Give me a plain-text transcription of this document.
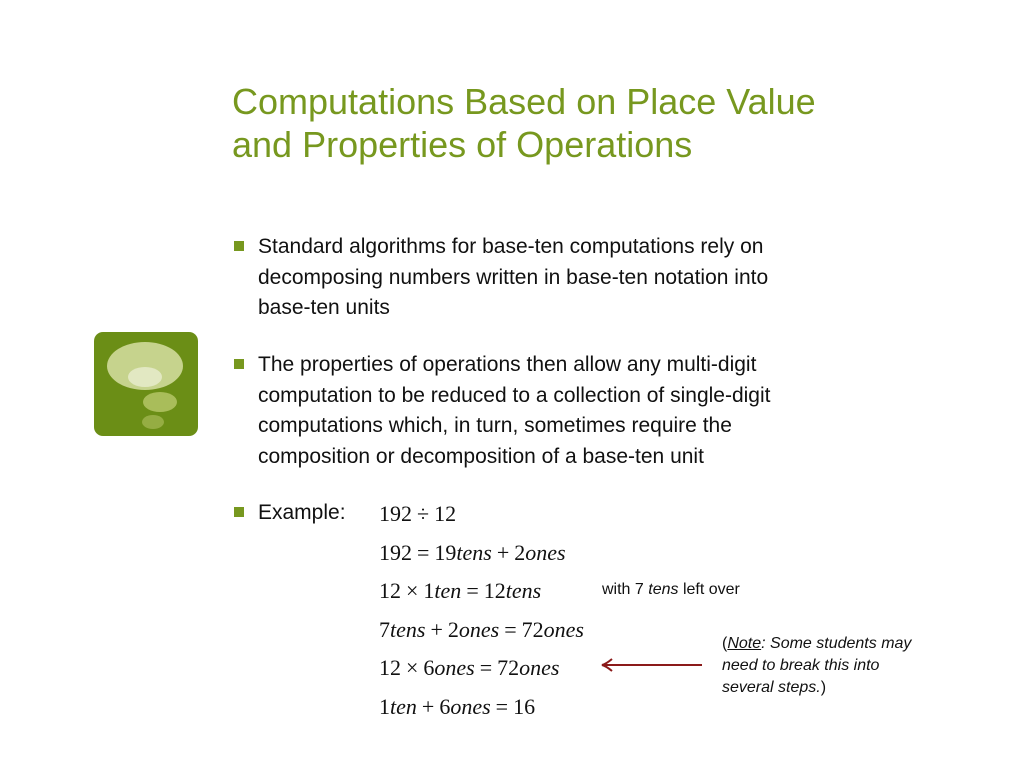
Computations Based on Place Value
and Properties of Operations
Standard algorithms for base-ten computations rely on
decomposing numbers written in base-ten notation into
base-ten units
The properties of operations then allow any multi-digit
computation to be reduced to a collection of single-digit
computations which, in turn, sometimes require the
composition or decomposition of a base-ten unit
Example:	192 ÷ 12
192 = 19tens + 2ones
12 × 1ten = 12tens
7tens + 2ones = 72ones
12 × 6ones = 72ones
1ten + 6ones = 16
with 7 tens left over
(Note: Some students may
need to break this into
several steps.)
